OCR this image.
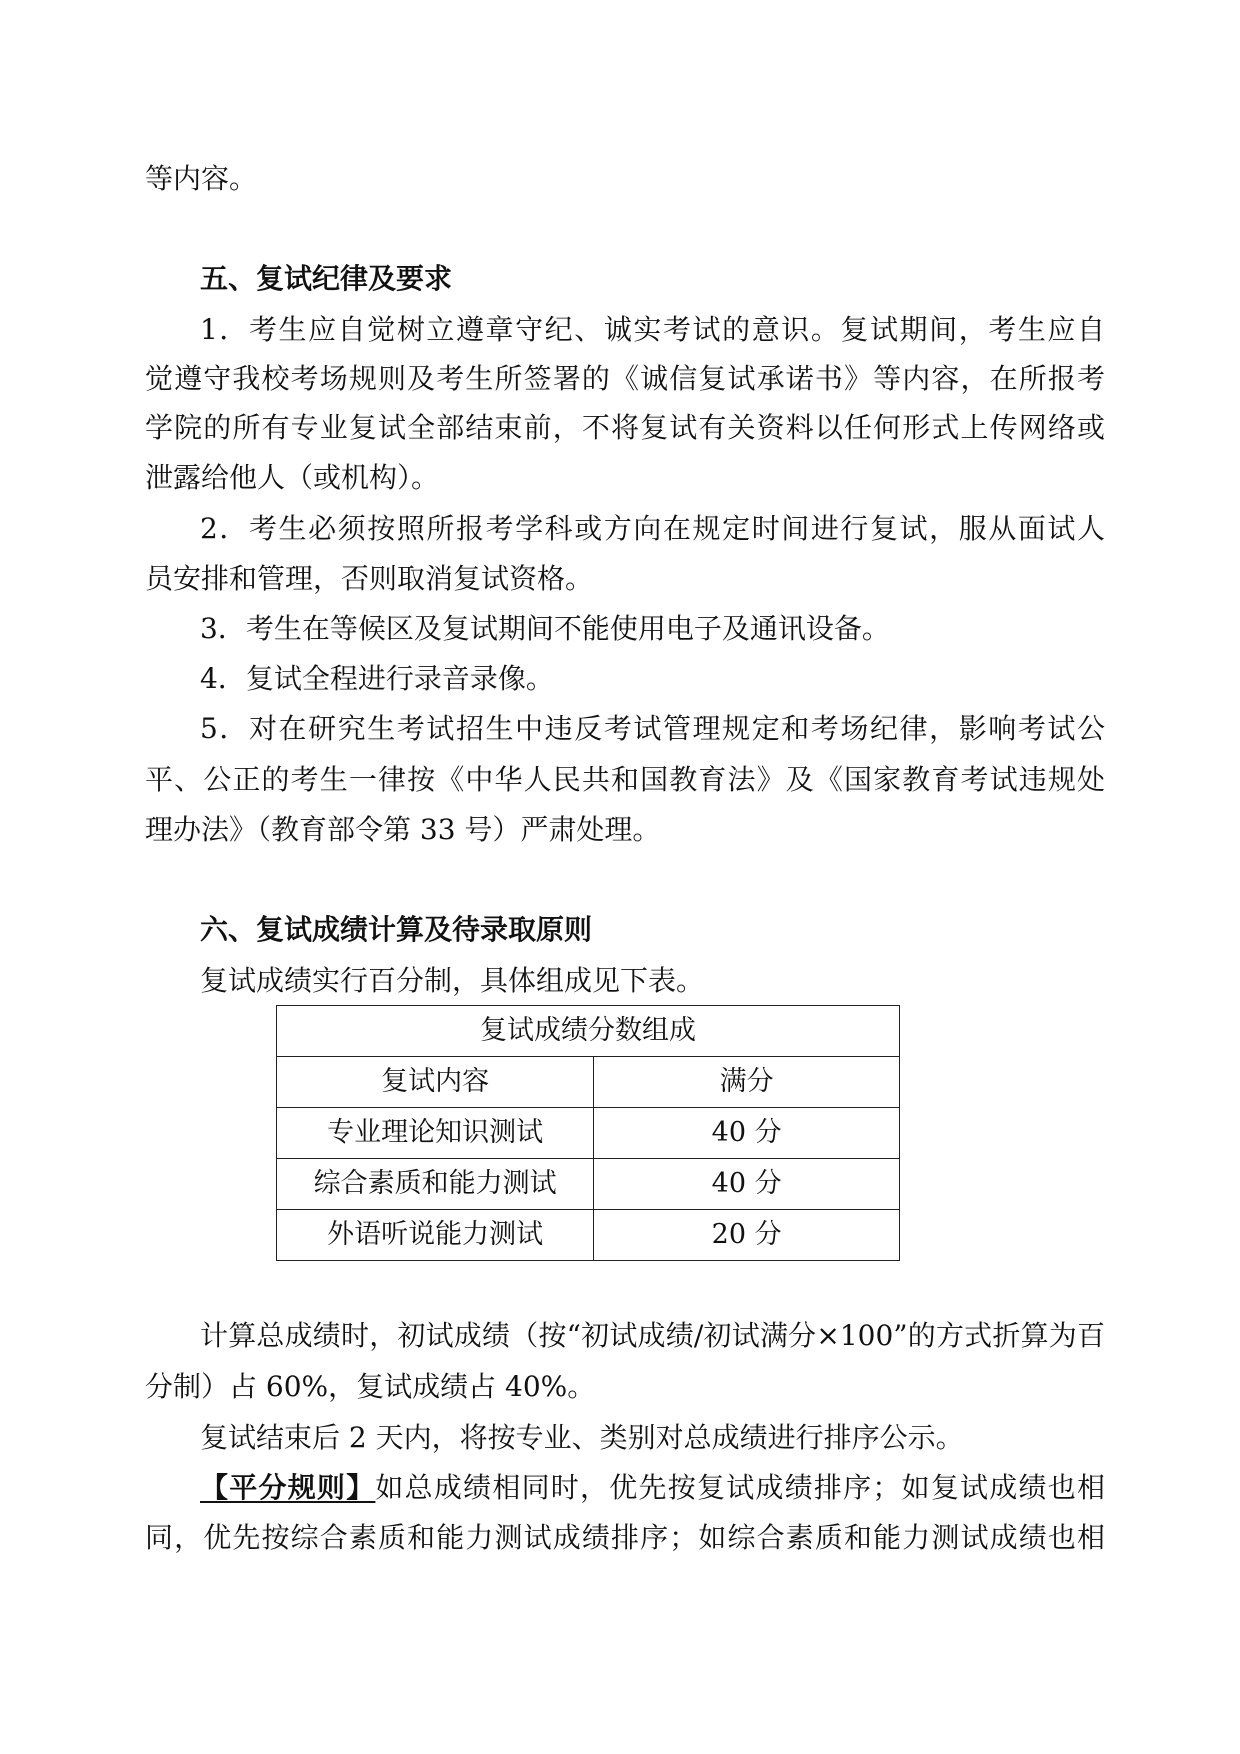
等内容。
五、复试纪律及要求
1．考生应自觉树立遵章守纪、诚实考试的意识。复试期间，考生应自
觉遵守我校考场规则及考生所签署的《诚信复试承诺书》等内容，在所报考
学院的所有专业复试全部结束前，不将复试有关资料以任何形式上传网络或
泄露给他人（或机构）。
2．考生必须按照所报考学科或方向在规定时间进行复试，服从面试人
员安排和管理，否则取消复试资格。
3．考生在等候区及复试期间不能使用电子及通讯设备。
4．复试全程进行录音录像。
5．对在研究生考试招生中违反考试管理规定和考场纪律，影响考试公
平、公正的考生一律按《中华人民共和国教育法》及《国家教育考试违规处
理办法》（教育部令第 33 号）严肃处理。
六、复试成绩计算及待录取原则
复试成绩实行百分制，具体组成见下表。
复试成绩分数组成	
复试内容	满分
专业理论知识测试	40 分
综合素质和能力测试	40 分
外语听说能力测试	20 分
计算总成绩时，初试成绩（按“初试成绩/初试满分×100”的方式折算为百
分制）占 60%，复试成绩占 40%。
复试结束后 2 天内，将按专业、类别对总成绩进行排序公示。
【平分规则】如总成绩相同时，优先按复试成绩排序；如复试成绩也相
同，优先按综合素质和能力测试成绩排序；如综合素质和能力测试成绩也相
